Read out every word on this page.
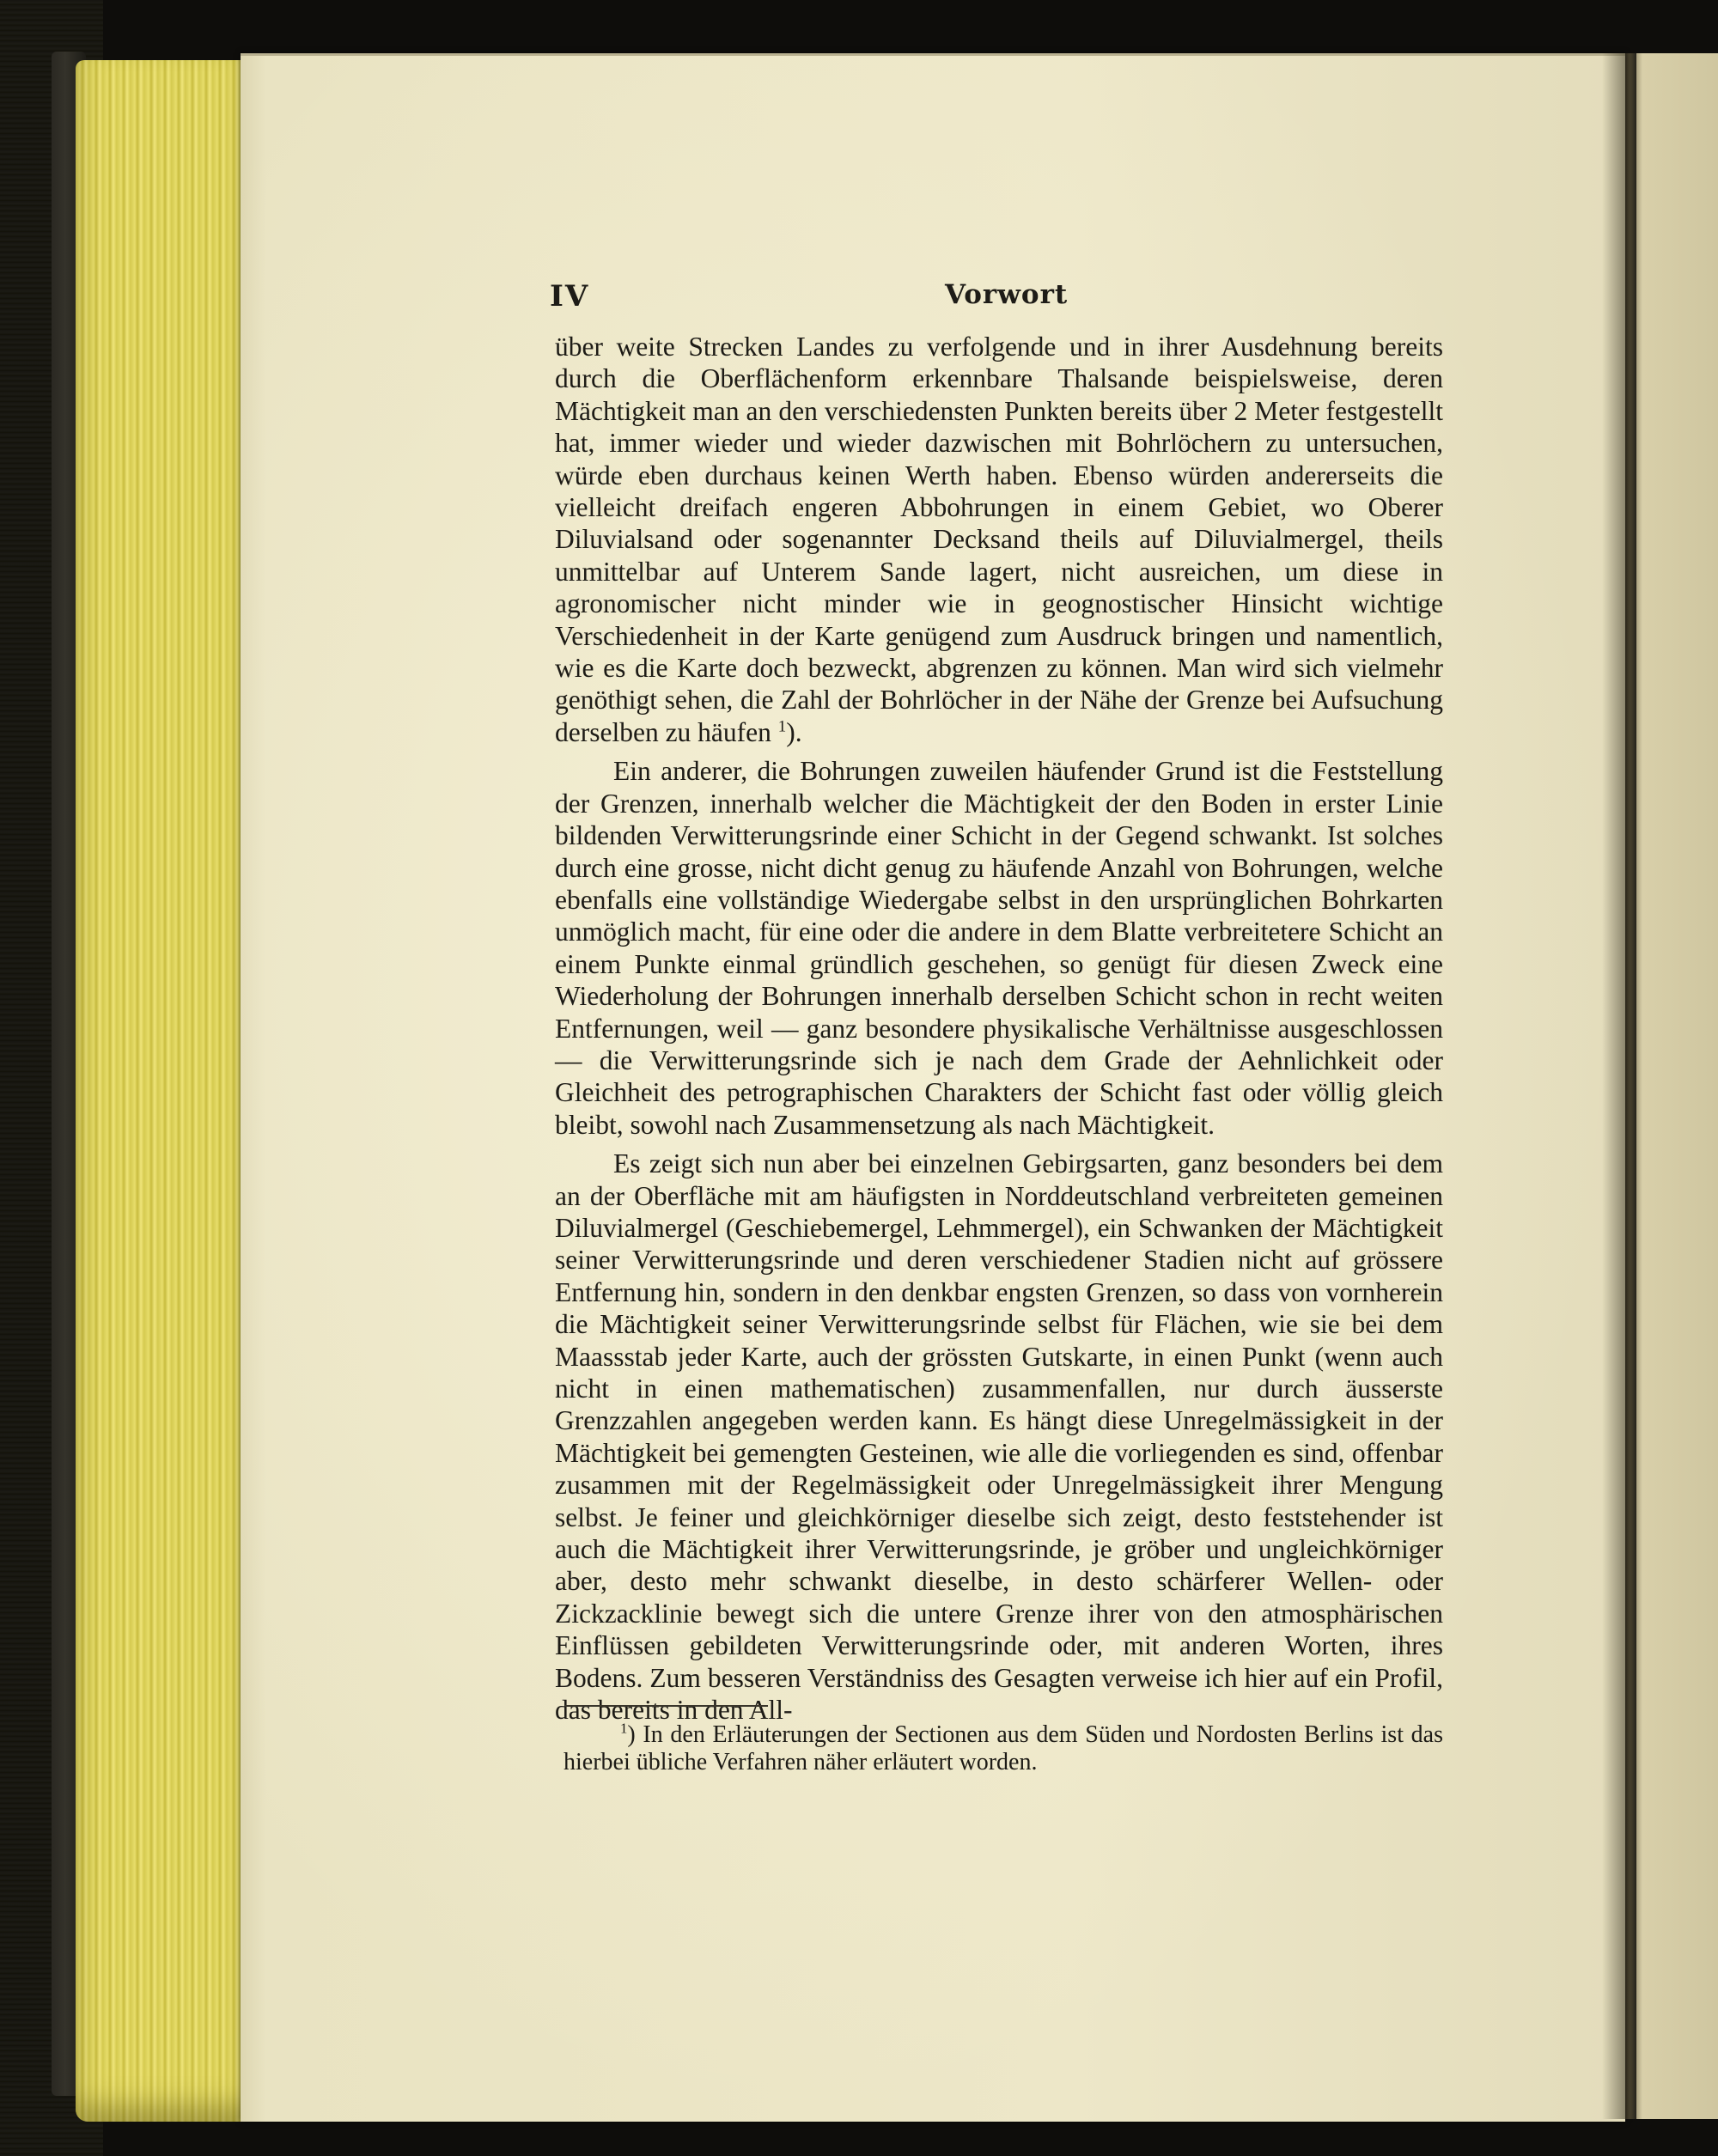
IV	Vorwort

über weite Strecken Landes zu verfolgende und in ihrer Ausdehnung bereits durch die Oberflächenform erkennbare Thalsande beispielsweise, deren Mächtigkeit man an den verschiedensten Punkten bereits über 2 Meter festgestellt hat, immer wieder und wieder dazwischen mit Bohrlöchern zu untersuchen, würde eben durchaus keinen Werth haben. Ebenso würden andererseits die vielleicht dreifach engeren Abbohrungen in einem Gebiet, wo Oberer Diluvialsand oder sogenannter Decksand theils auf Diluvialmergel, theils unmittelbar auf Unterem Sande lagert, nicht ausreichen, um diese in agronomischer nicht minder wie in geognostischer Hinsicht wichtige Verschiedenheit in der Karte genügend zum Ausdruck bringen und namentlich, wie es die Karte doch bezweckt, abgrenzen zu können. Man wird sich vielmehr genöthigt sehen, die Zahl der Bohrlöcher in der Nähe der Grenze bei Aufsuchung derselben zu häufen $^1$).

Ein anderer, die Bohrungen zuweilen häufender Grund ist die Feststellung der Grenzen, innerhalb welcher die Mächtigkeit der den Boden in erster Linie bildenden Verwitterungsrinde einer Schicht in der Gegend schwankt. Ist solches durch eine grosse, nicht dicht genug zu häufende Anzahl von Bohrungen, welche ebenfalls eine vollständige Wiedergabe selbst in den ursprünglichen Bohrkarten unmöglich macht, für eine oder die andere in dem Blatte verbreitetere Schicht an einem Punkte einmal gründlich geschehen, so genügt für diesen Zweck eine Wiederholung der Bohrungen innerhalb derselben Schicht schon in recht weiten Entfernungen, weil — ganz besondere physikalische Verhältnisse ausgeschlossen — die Verwitterungsrinde sich je nach dem Grade der Aehnlichkeit oder Gleichheit des petrographischen Charakters der Schicht fast oder völlig gleich bleibt, sowohl nach Zusammensetzung als nach Mächtigkeit.

Es zeigt sich nun aber bei einzelnen Gebirgsarten, ganz besonders bei dem an der Oberfläche mit am häufigsten in Norddeutschland verbreiteten gemeinen Diluvialmergel (Geschiebemergel, Lehmmergel), ein Schwanken der Mächtigkeit seiner Verwitterungsrinde und deren verschiedener Stadien nicht auf grössere Entfernung hin, sondern in den denkbar engsten Grenzen, so dass von vornherein die Mächtigkeit seiner Verwitterungsrinde selbst für Flächen, wie sie bei dem Maassstab jeder Karte, auch der grössten Gutskarte, in einen Punkt (wenn auch nicht in einen mathematischen) zusammenfallen, nur durch äusserste Grenzzahlen angegeben werden kann. Es hängt diese Unregelmässigkeit in der Mächtigkeit bei gemengten Gesteinen, wie alle die vorliegenden es sind, offenbar zusammen mit der Regelmässigkeit oder Unregelmässigkeit ihrer Mengung selbst. Je feiner und gleichkörniger dieselbe sich zeigt, desto feststehender ist auch die Mächtigkeit ihrer Verwitterungsrinde, je gröber und ungleichkörniger aber, desto mehr schwankt dieselbe, in desto schärferer Wellen- oder Zickzacklinie bewegt sich die untere Grenze ihrer von den atmosphärischen Einflüssen gebildeten Verwitterungsrinde oder, mit anderen Worten, ihres Bodens. Zum besseren Verständniss des Gesagten verweise ich hier auf ein Profil, das bereits in den All-

$^1$) In den Erläuterungen der Sectionen aus dem Süden und Nordosten Berlins ist das hierbei übliche Verfahren näher erläutert worden.
